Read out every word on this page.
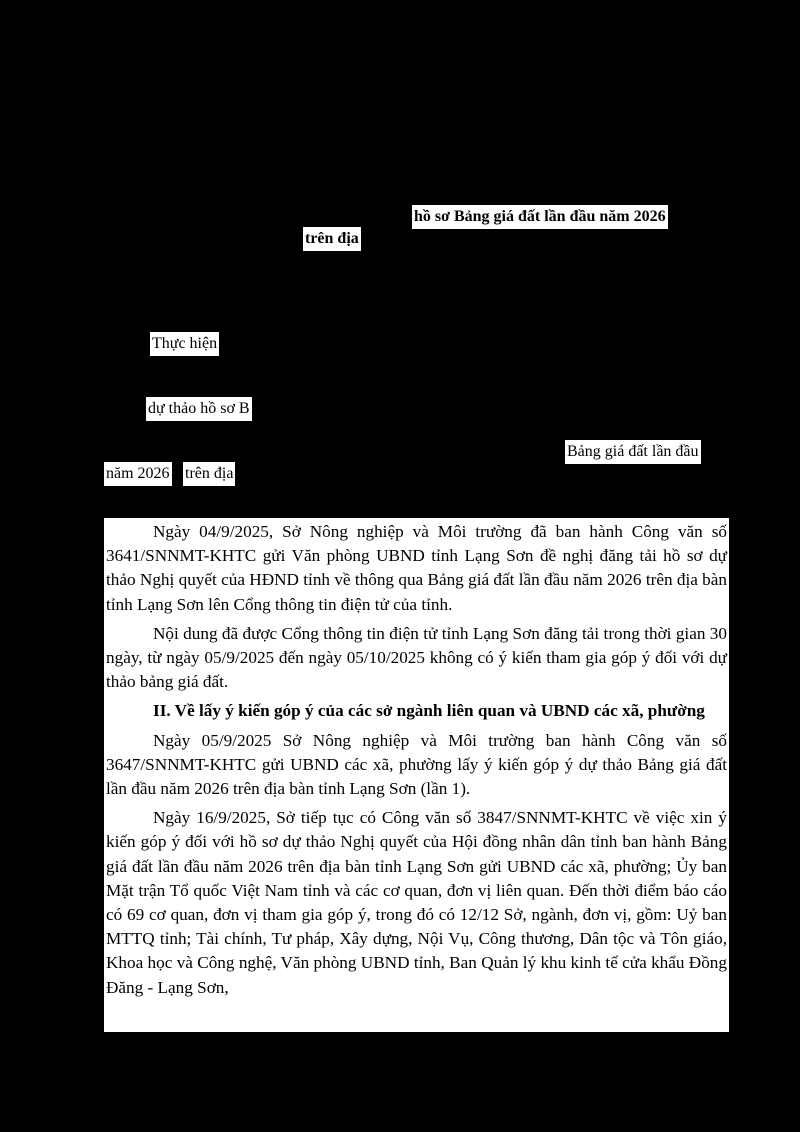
hồ sơ Bảng giá đất lần đầu năm 2026
trên địa
Thực hiện
dự thảo hồ sơ B
Bảng giá đất lần đầu
năm 2026 trên địa

Ngày 04/9/2025, Sở Nông nghiệp và Môi trường đã ban hành Công văn số 3641/SNNMT-KHTC gửi Văn phòng UBND tỉnh Lạng Sơn đề nghị đăng tải hồ sơ dự thảo Nghị quyết của HĐND tỉnh về thông qua Bảng giá đất lần đầu năm 2026 trên địa bàn tỉnh Lạng Sơn lên Cổng thông tin điện tử của tỉnh.

Nội dung đã được Cổng thông tin điện tử tỉnh Lạng Sơn đăng tải trong thời gian 30 ngày, từ ngày 05/9/2025 đến ngày 05/10/2025 không có ý kiến tham gia góp ý đối với dự thảo bảng giá đất.

II. Về lấy ý kiến góp ý của các sở ngành liên quan và UBND các xã, phường

Ngày 05/9/2025 Sở Nông nghiệp và Môi trường ban hành Công văn số 3647/SNNMT-KHTC gửi UBND các xã, phường lấy ý kiến góp ý dự thảo Bảng giá đất lần đầu năm 2026 trên địa bàn tỉnh Lạng Sơn (lần 1).

Ngày 16/9/2025, Sở tiếp tục có Công văn số 3847/SNNMT-KHTC về việc xin ý kiến góp ý đối với hồ sơ dự thảo Nghị quyết của Hội đồng nhân dân tỉnh ban hành Bảng giá đất lần đầu năm 2026 trên địa bàn tỉnh Lạng Sơn gửi UBND các xã, phường; Ủy ban Mặt trận Tổ quốc Việt Nam tỉnh và các cơ quan, đơn vị liên quan. Đến thời điểm báo cáo có 69 cơ quan, đơn vị tham gia góp ý, trong đó có 12/12 Sở, ngành, đơn vị, gồm: Uỷ ban MTTQ tỉnh; Tài chính, Tư pháp, Xây dựng, Nội Vụ, Công thương, Dân tộc và Tôn giáo, Khoa học và Công nghệ, Văn phòng UBND tỉnh, Ban Quản lý khu kinh tế cửa khẩu Đồng Đăng - Lạng Sơn,
